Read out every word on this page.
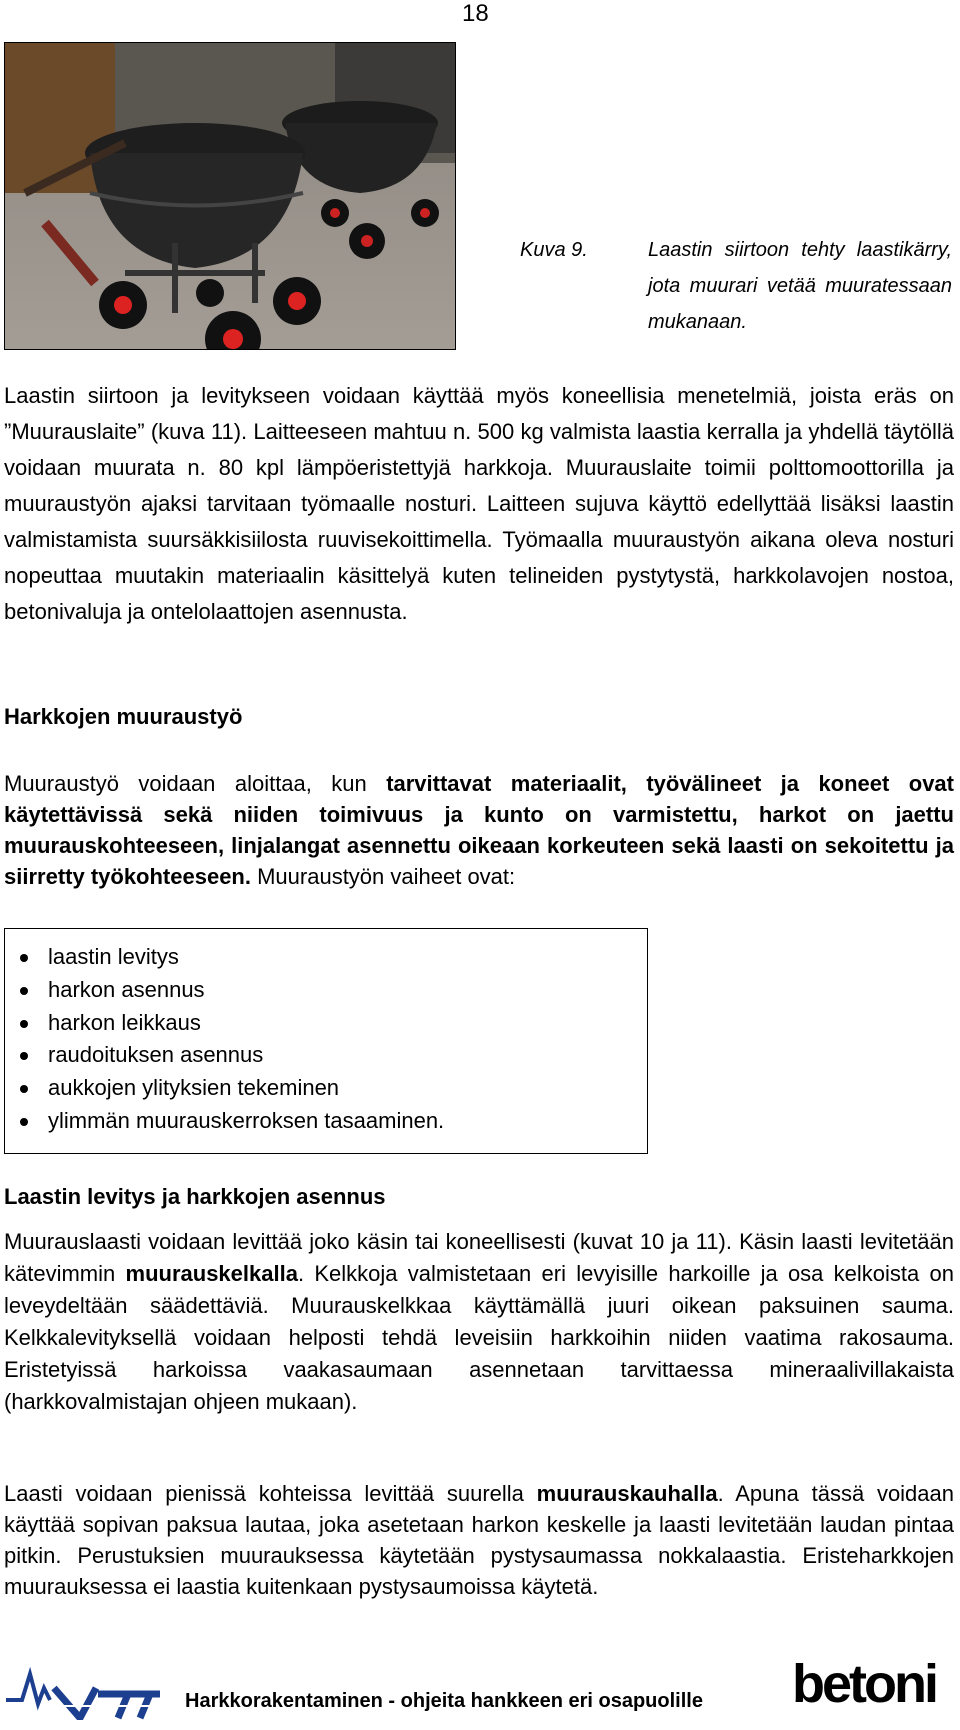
18
Kuva 9.	Laastin siirtoon tehty laastikärry, jota muurari vetää muuratessaan mukanaan.

Laastin siirtoon ja levitykseen voidaan käyttää myös koneellisia menetelmiä, joista eräs on ”Muurauslaite” (kuva 11). Laitteeseen mahtuu n. 500 kg valmista laastia kerralla ja yhdellä täytöllä voidaan muurata n. 80 kpl lämpöeristettyjä harkkoja. Muurauslaite toimii polttomoottorilla ja muuraustyön ajaksi tarvitaan työmaalle nosturi. Laitteen sujuva käyttö edellyttää lisäksi laastin valmistamista suursäkkisiilosta ruuvisekoittimella. Työmaalla muuraustyön aikana oleva nosturi nopeuttaa muutakin materiaalin käsittelyä kuten telineiden pystytystä, harkkolavojen nostoa, betonivaluja ja ontelolaattojen asennusta.

Harkkojen muuraustyö

Muuraustyö voidaan aloittaa, kun tarvittavat materiaalit, työvälineet ja koneet ovat käytettävissä sekä niiden toimivuus ja kunto on varmistettu, harkot on jaettu muurauskohteeseen, linjalangat asennettu oikeaan korkeuteen sekä laasti on sekoitettu ja siirretty työkohteeseen. Muuraustyön vaiheet ovat:

laastin levitys
harkon asennus
harkon leikkaus
raudoituksen asennus
aukkojen ylityksien tekeminen
ylimmän muurauskerroksen tasaaminen.
Laastin levitys ja harkkojen asennus

Muurauslaasti voidaan levittää joko käsin tai koneellisesti (kuvat 10 ja 11). Käsin laasti levitetään kätevimmin muurauskelkalla. Kelkkoja valmistetaan eri levyisille harkoille ja osa kelkoista on leveydeltään säädettäviä. Muurauskelkkaa käyttämällä juuri oikean paksuinen sauma. Kelkkalevityksellä voidaan helposti tehdä leveisiin harkkoihin niiden vaatima rakosauma. Eristetyissä harkoissa vaakasaumaan asennetaan tarvittaessa mineraalivillakaista (harkkovalmistajan ohjeen mukaan).

Laasti voidaan pienissä kohteissa levittää suurella muurauskauhalla. Apuna tässä voidaan käyttää sopivan paksua lautaa, joka asetetaan harkon keskelle ja laasti levitetään laudan pintaa pitkin. Perustuksien muurauksessa käytetään pystysaumassa nokkalaastia. Eristeharkkojen muurauksessa ei laastia kuitenkaan pystysaumoissa käytetä.

Harkkorakentaminen - ohjeita hankkeen eri osapuolille betoni
